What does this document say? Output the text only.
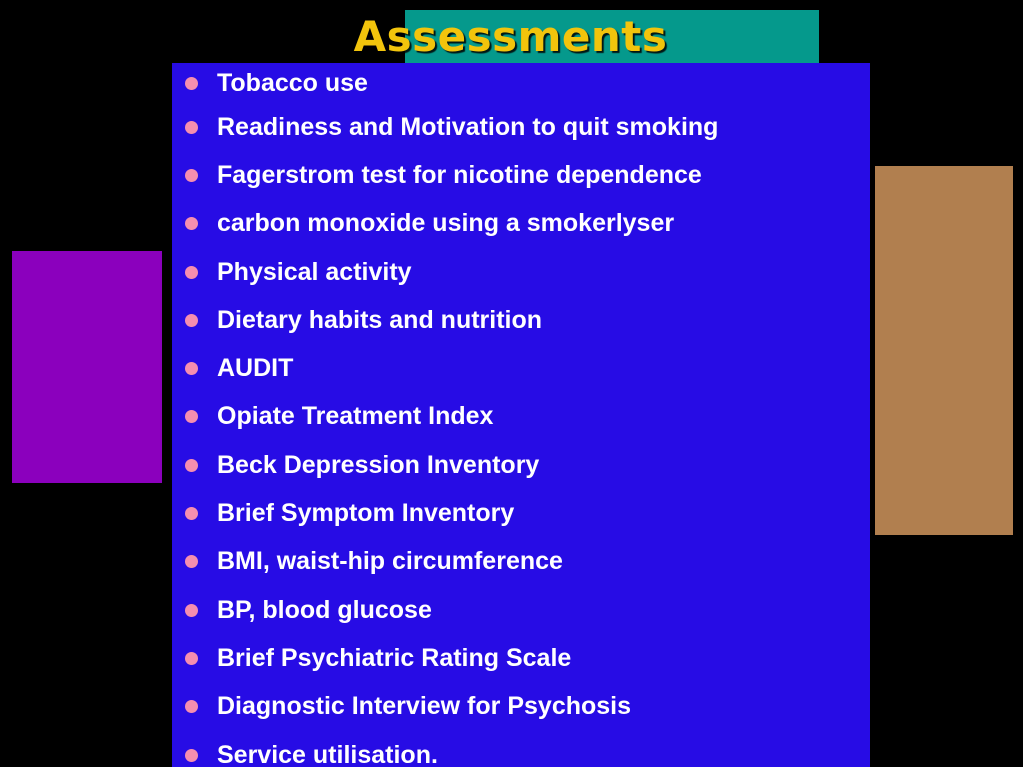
Tobacco use
Readiness and Motivation to quit smoking
Fagerstrom test for nicotine dependence
carbon monoxide using a smokerlyser
Physical activity
Dietary habits and nutrition
AUDIT
Opiate Treatment Index
Beck Depression Inventory
Brief Symptom Inventory
BMI, waist-hip circumference
BP, blood glucose
Brief Psychiatric Rating Scale
Diagnostic Interview for Psychosis
Service utilisation.
Assessments
